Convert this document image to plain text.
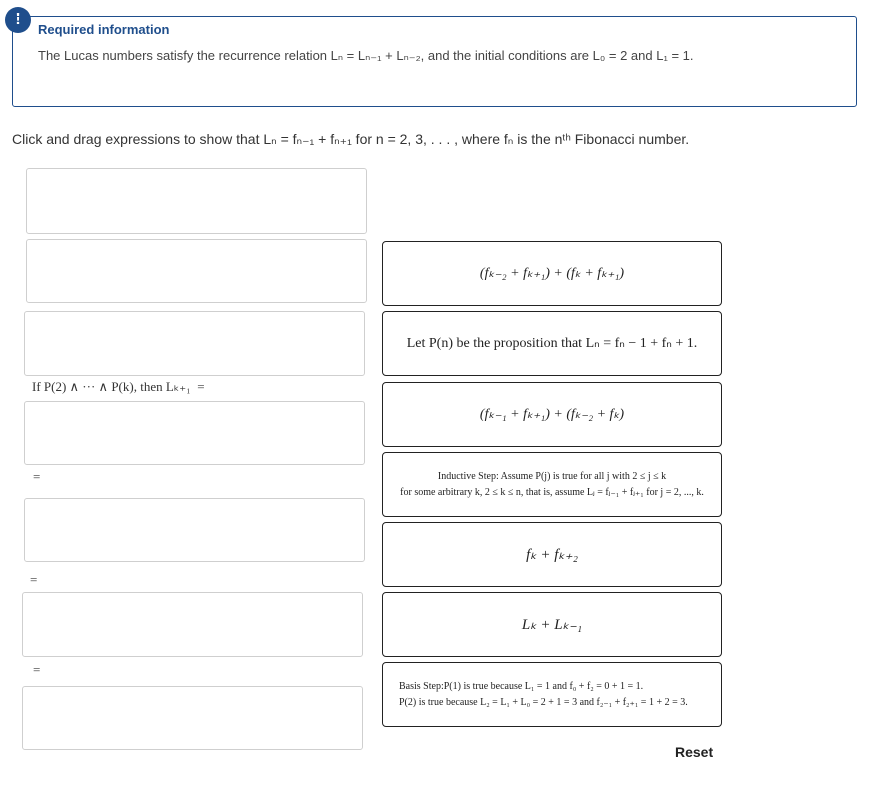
!
Required information
The Lucas numbers satisfy the recurrence relation Lₙ = Lₙ₋₁ + Lₙ₋₂, and the initial conditions are L₀ = 2 and L₁ = 1.
Click and drag expressions to show that Lₙ = fₙ₋₁ + fₙ₊₁ for n = 2, 3, . . . , where fₙ is the nᵗʰ Fibonacci number.
If P(2) ∧ ··· ∧ P(k), then Lₖ₊₁  =
=
=
=
(fₖ₋₂ + fₖ₊₁) + (fₖ + fₖ₊₁)
Let P(n) be the proposition that Lₙ = fₙ − 1 + fₙ + 1.
(fₖ₋₁ + fₖ₊₁) + (fₖ₋₂ + fₖ)
Inductive Step: Assume P(j) is true for all j with 2 ≤ j ≤ k
for some arbitrary k, 2 ≤ k ≤ n, that is, assume Lⱼ = fⱼ₋₁ + fⱼ₊₁ for j = 2, ..., k.
fₖ + fₖ₊₂
Lₖ + Lₖ₋₁
Basis Step:P(1) is true because L₁ = 1 and f₀ + f₂ = 0 + 1 = 1.
P(2) is true because L₂ = L₁ + L₀ = 2 + 1 = 3 and f₂₋₁ + f₂₊₁ = 1 + 2 = 3.
Reset
